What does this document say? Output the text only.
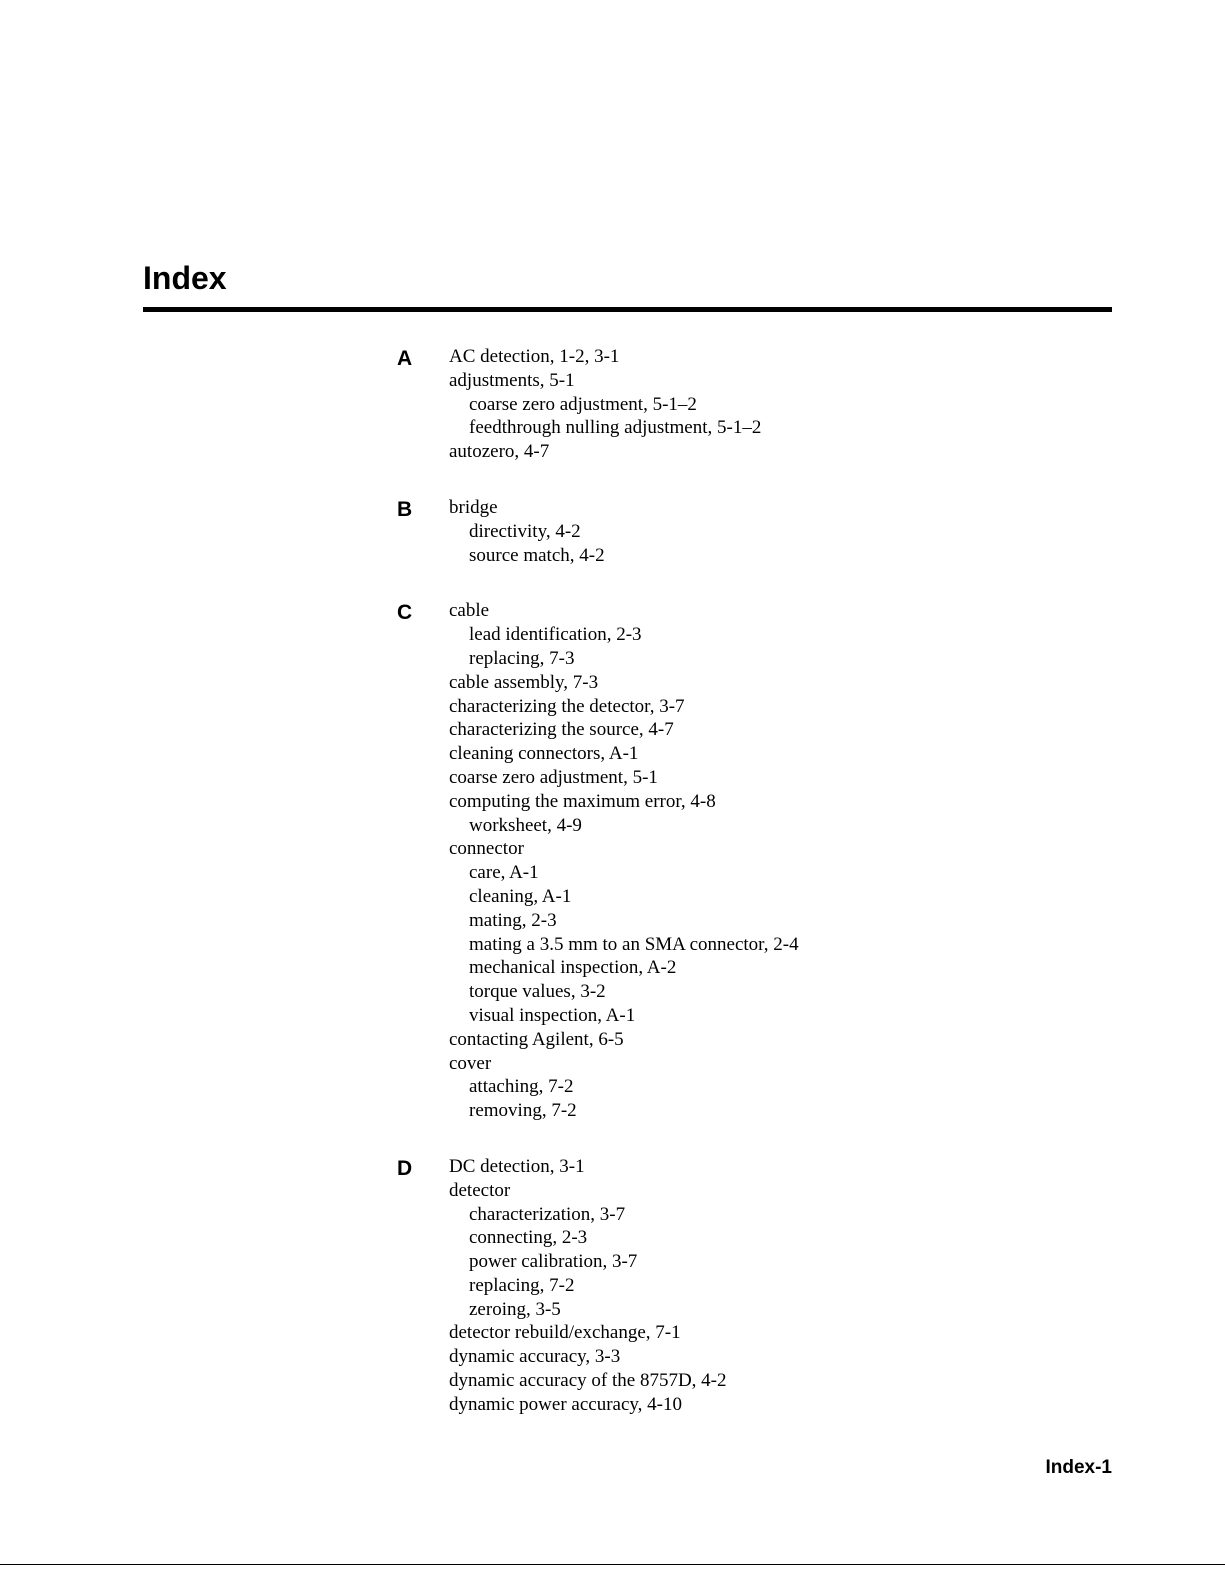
Index
A AC detection, 1-2, 3-1
adjustments, 5-1
coarse zero adjustment, 5-1–2
feedthrough nulling adjustment, 5-1–2
autozero, 4-7
B bridge
directivity, 4-2
source match, 4-2
C cable
lead identification, 2-3
replacing, 7-3
cable assembly, 7-3
characterizing the detector, 3-7
characterizing the source, 4-7
cleaning connectors, A-1
coarse zero adjustment, 5-1
computing the maximum error, 4-8
worksheet, 4-9
connector
care, A-1
cleaning, A-1
mating, 2-3
mating a 3.5 mm to an SMA connector, 2-4
mechanical inspection, A-2
torque values, 3-2
visual inspection, A-1
contacting Agilent, 6-5
cover
attaching, 7-2
removing, 7-2
D DC detection, 3-1
detector
characterization, 3-7
connecting, 2-3
power calibration, 3-7
replacing, 7-2
zeroing, 3-5
detector rebuild/exchange, 7-1
dynamic accuracy, 3-3
dynamic accuracy of the 8757D, 4-2
dynamic power accuracy, 4-10
Index-1
